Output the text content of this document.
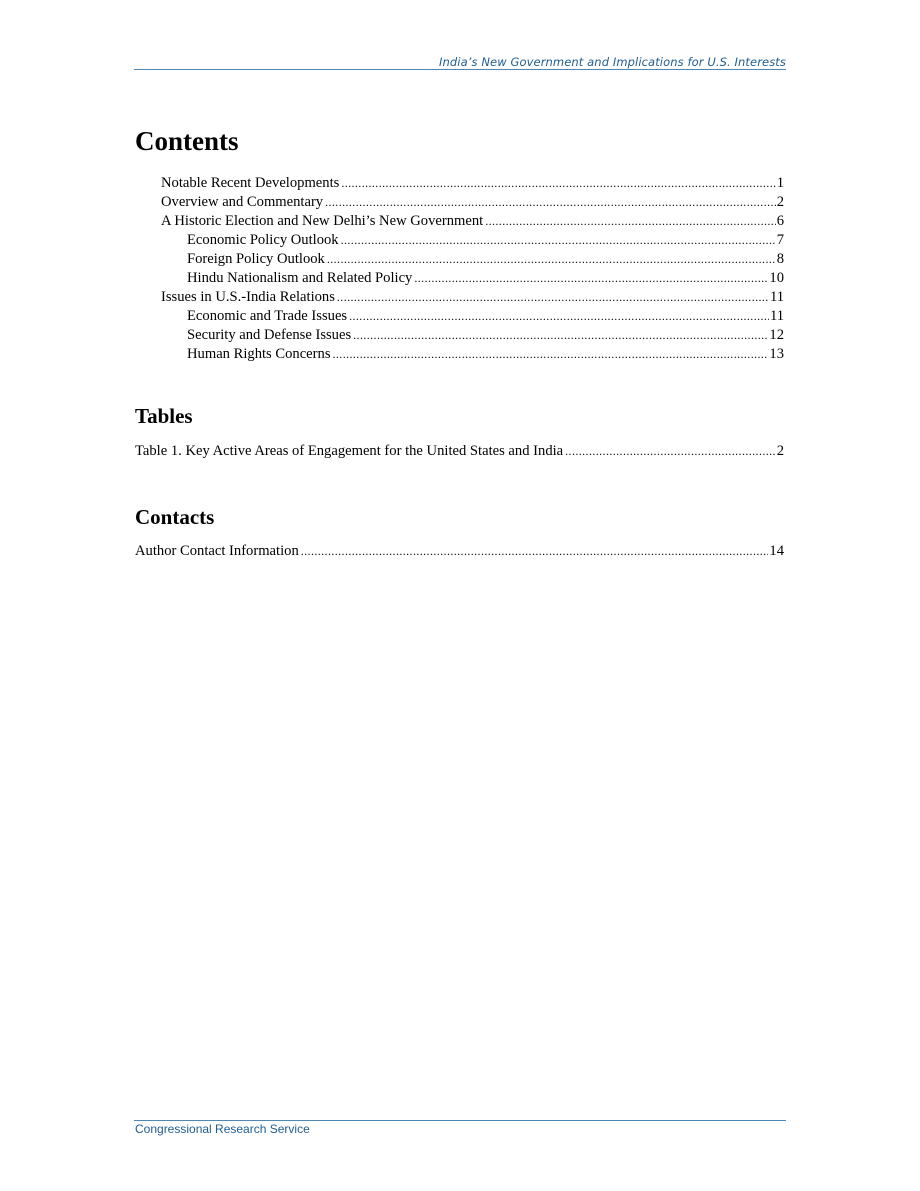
India’s New Government and Implications for U.S. Interests
Contents
Notable Recent Developments .....	1
Overview and Commentary .....	2
A Historic Election and New Delhi’s New Government .....	6
Economic Policy Outlook .....	7
Foreign Policy Outlook .....	8
Hindu Nationalism and Related Policy .....	10
Issues in U.S.-India Relations .....	11
Economic and Trade Issues .....	11
Security and Defense Issues .....	12
Human Rights Concerns .....	13
Tables
Table 1. Key Active Areas of Engagement for the United States and India .....	2
Contacts
Author Contact Information .....	14
Congressional Research Service
